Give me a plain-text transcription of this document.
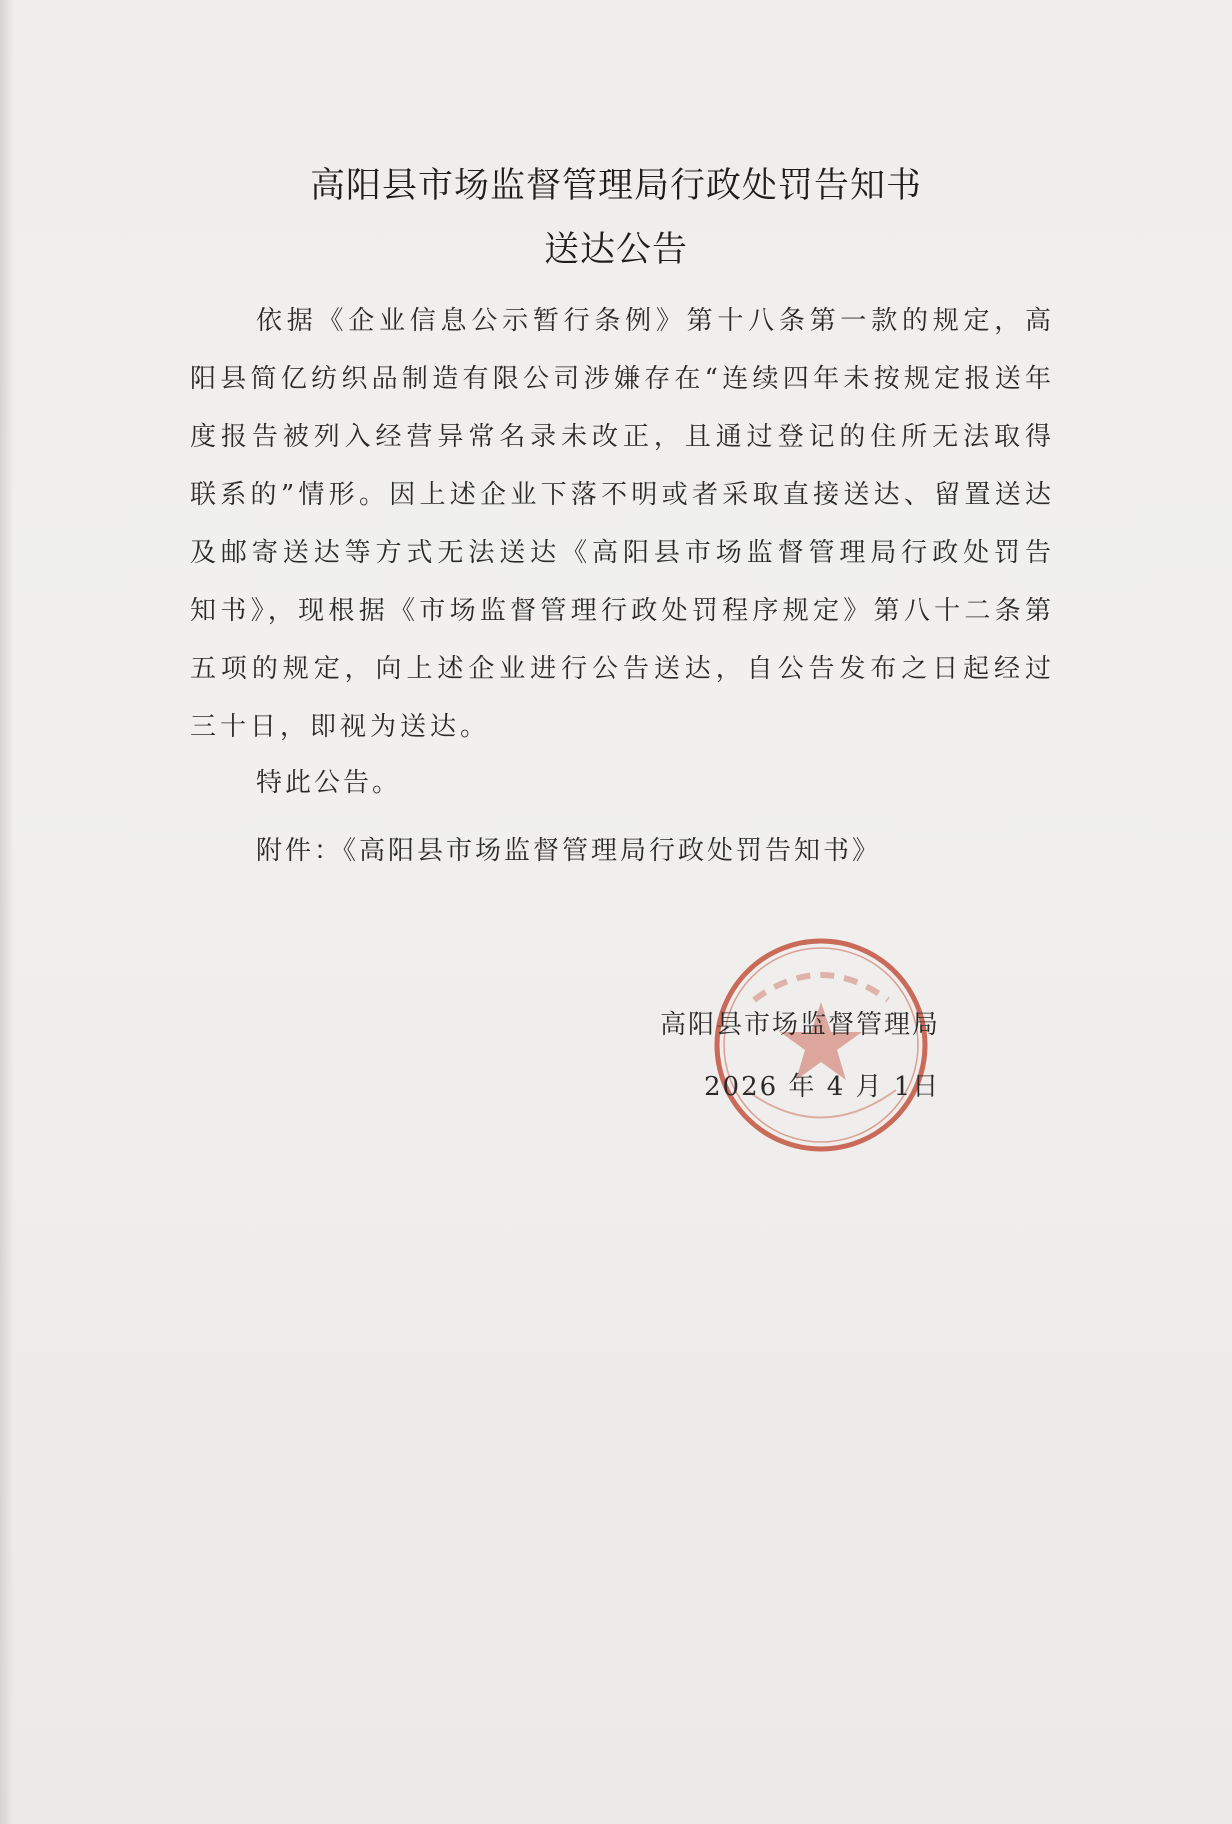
高阳县市场监督管理局行政处罚告知书
送达公告
依据《企业信息公示暂行条例》第十八条第一款的规定，高阳县简亿纺织品制造有限公司涉嫌存在“连续四年未按规定报送年度报告被列入经营异常名录未改正，且通过登记的住所无法取得联系的”情形。因上述企业下落不明或者采取直接送达、留置送达及邮寄送达等方式无法送达《高阳县市场监督管理局行政处罚告知书》，现根据《市场监督管理行政处罚程序规定》第八十二条第五项的规定，向上述企业进行公告送达，自公告发布之日起经过三十日，即视为送达。
特此公告。
附件：《高阳县市场监督管理局行政处罚告知书》
高阳县市场监督管理局
2026 年 4 月 1日
